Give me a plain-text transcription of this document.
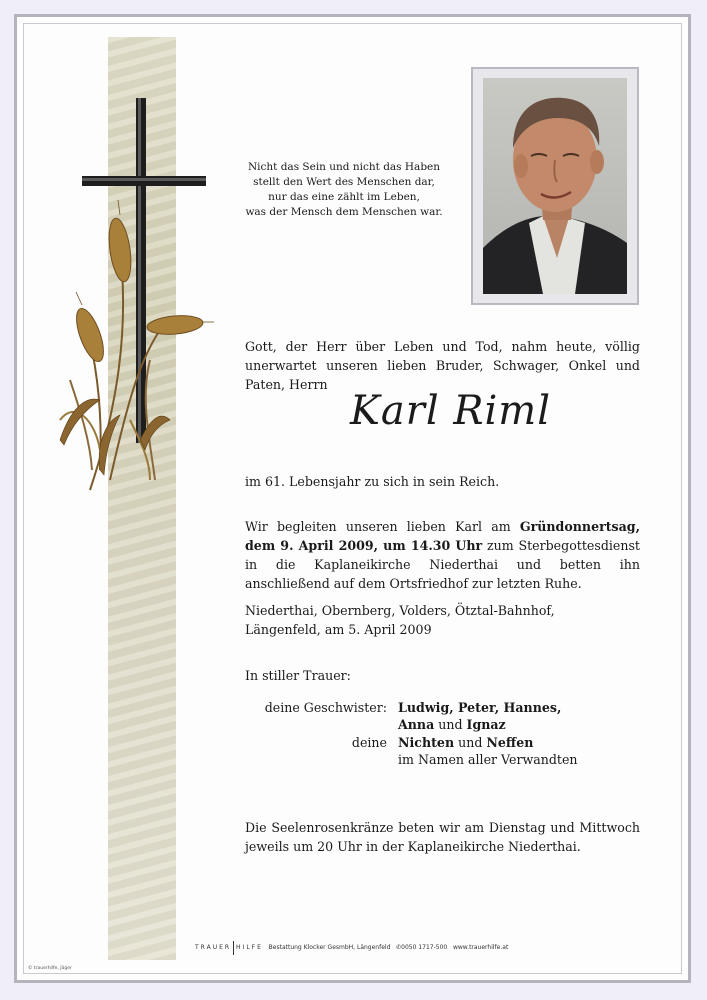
Nicht das Sein und nicht das Haben
stellt den Wert des Menschen dar,
nur das eine zählt im Leben,
was der Mensch dem Menschen war.
Gott, der Herr über Leben und Tod, nahm heute, völlig unerwartet unseren lieben Bruder, Schwager, Onkel und Paten, Herrn
Karl Riml
im 61. Lebensjahr zu sich in sein Reich.
Wir begleiten unseren lieben Karl am Gründonnertsag, dem 9. April 2009, um 14.30 Uhr zum Sterbegottesdienst in die Kaplaneikirche Niederthai und betten ihn anschließend auf dem Ortsfriedhof zur letzten Ruhe.
Niederthai, Obernberg, Volders, Ötztal-Bahnhof,
Längenfeld, am 5. April 2009
In stiller Trauer:
deine Geschwister: Ludwig, Peter, Hannes,
Anna und Ignaz
deine Nichten und Neffen
im Namen aller Verwandten
Die Seelenrosenkränze beten wir am Dienstag und Mittwoch jeweils um 20 Uhr in der Kaplaneikirche Niederthai.
TRAUER HILFE Bestattung Klocker GesmbH, Längenfeld ✆0050 1717-500 www.trauerhilfe.at
© trauerhilfe, Jäger
